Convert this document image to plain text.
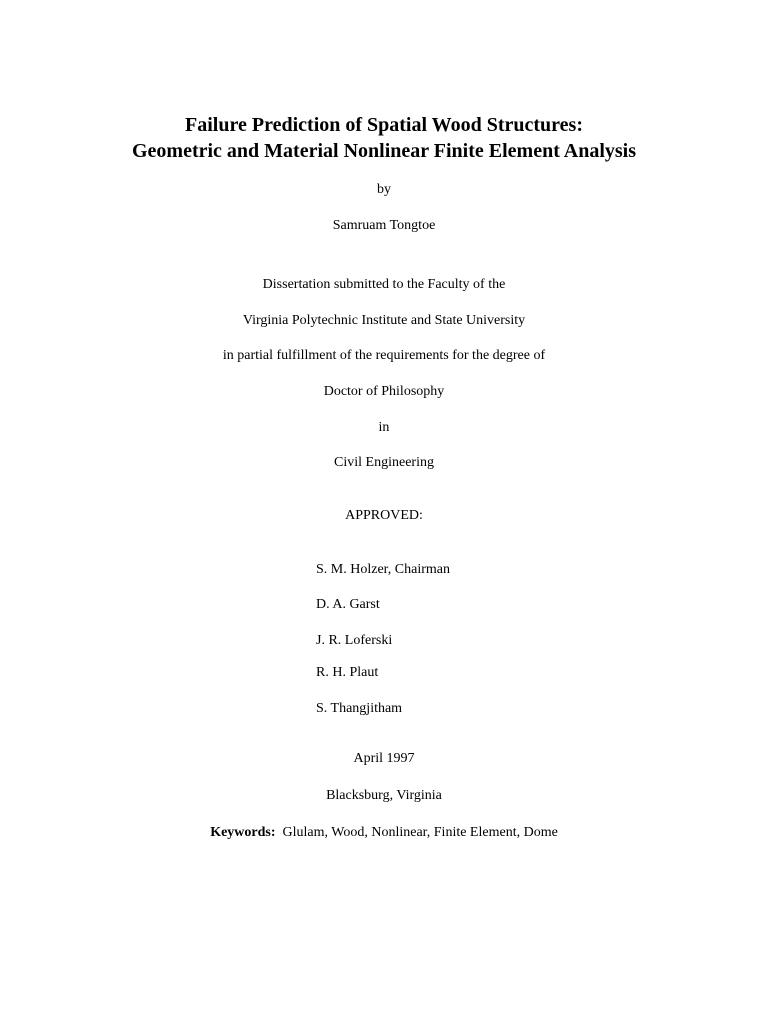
Failure Prediction of Spatial Wood Structures:
Geometric and Material Nonlinear Finite Element Analysis
by
Samruam Tongtoe
Dissertation submitted to the Faculty of the
Virginia Polytechnic Institute and State University
in partial fulfillment of the requirements for the degree of
Doctor of Philosophy
in
Civil Engineering
APPROVED:
S. M. Holzer, Chairman
D. A. Garst
J. R. Loferski
R. H. Plaut
S. Thangjitham
April 1997
Blacksburg, Virginia
Keywords: Glulam, Wood, Nonlinear, Finite Element, Dome
